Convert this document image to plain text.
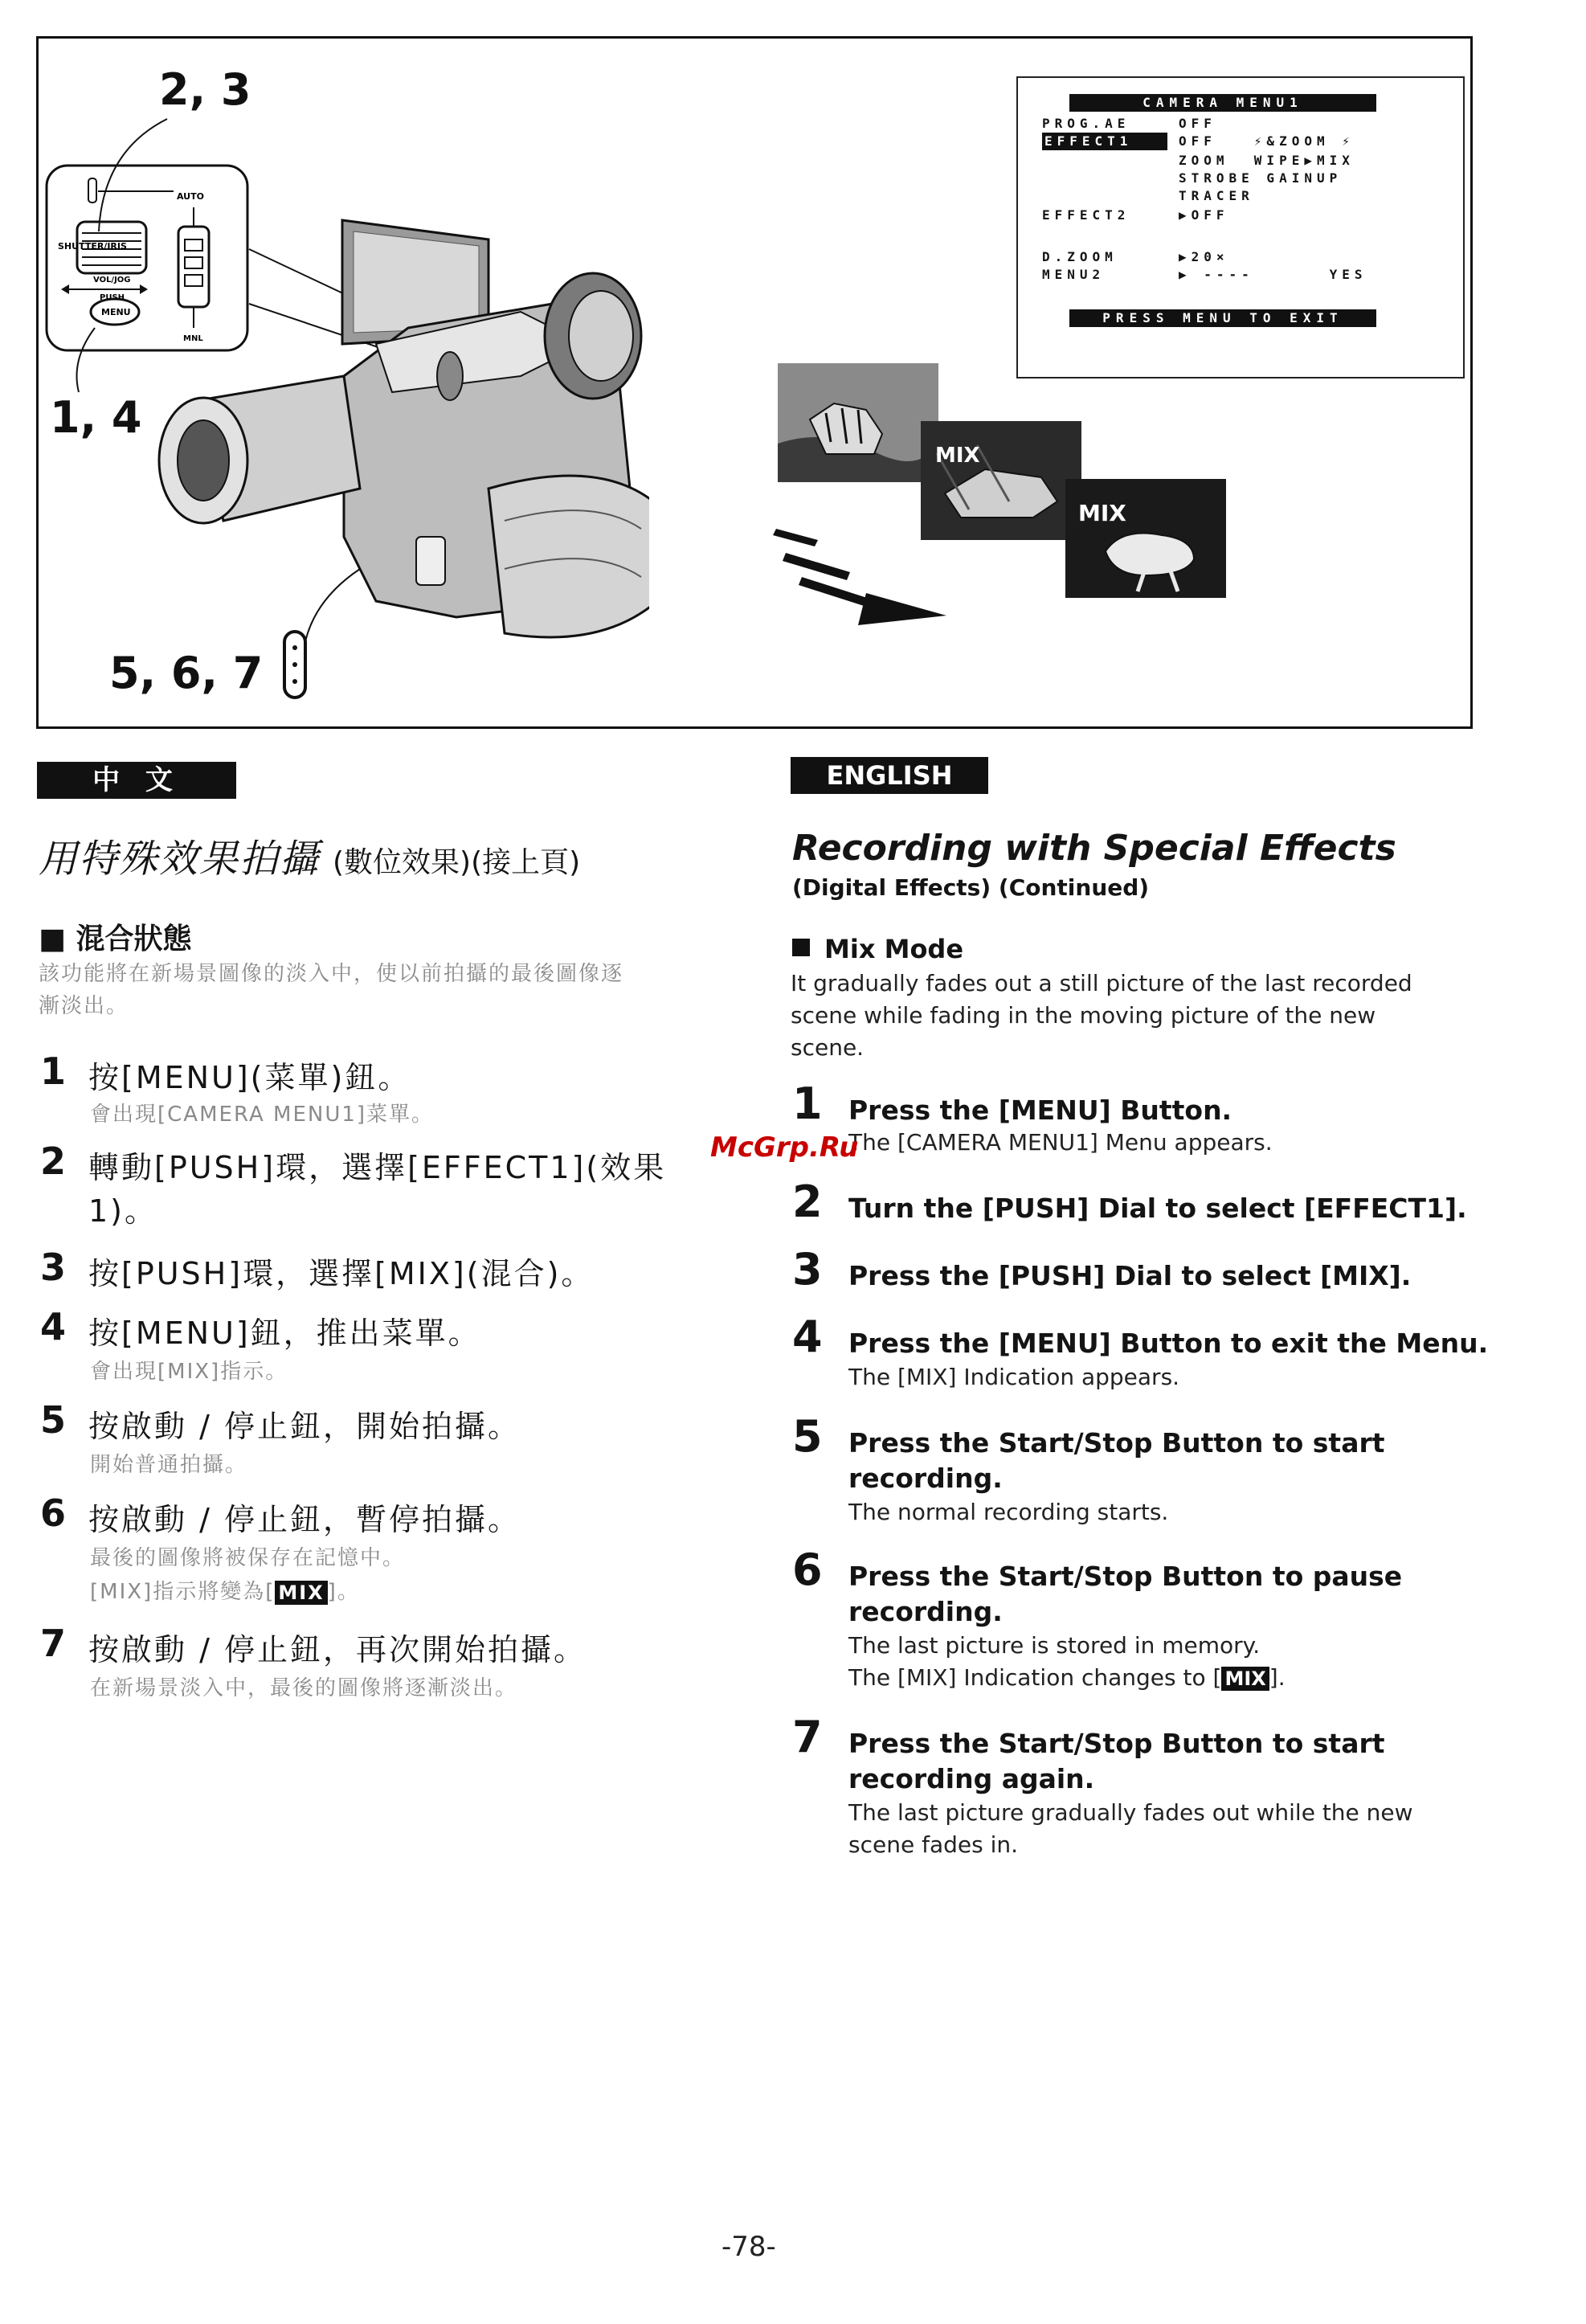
2, 3
1, 4
5, 6, 7
SHUTTER/IRIS
AUTO
VOL/JOG
PUSH
MENU
MNL
MIX
MIX
CAMERA MENU1
PROG.AE	OFF
EFFECT1	OFF   ⚡&ZOOM ⚡
ZOOM  WIPE▶MIX
STROBE GAINUP
TRACER
EFFECT2	▶OFF
D.ZOOM	▶20×
MENU2	▶ ----      YES
PRESS MENU TO EXIT
中 文
用特殊效果拍攝 (數位效果)(接上頁)
■ 混合狀態
該功能將在新場景圖像的淡入中，使以前拍攝的最後圖像逐
漸淡出。
1 按[MENU](菜單)鈕。
會出現[CAMERA MENU1]菜單。
2 轉動[PUSH]環，選擇[EFFECT1](效果
1)。
3 按[PUSH]環，選擇[MIX](混合)。
4 按[MENU]鈕，推出菜單。
會出現[MIX]指示。
5 按啟動 / 停止鈕，開始拍攝。
開始普通拍攝。
6 按啟動 / 停止鈕，暫停拍攝。
最後的圖像將被保存在記憶中。
[MIX]指示將變為[ MIX ]。
7 按啟動 / 停止鈕，再次開始拍攝。
在新場景淡入中，最後的圖像將逐漸淡出。
ENGLISH
Recording with Special Effects
(Digital Effects) (Continued)
Mix Mode
It gradually fades out a still picture of the last recorded
scene while fading in the moving picture of the new
scene.
1 Press the [MENU] Button.
The [CAMERA MENU1] Menu appears.
2 Turn the [PUSH] Dial to select [EFFECT1].
3 Press the [PUSH] Dial to select [MIX].
4 Press the [MENU] Button to exit the Menu.
The [MIX] Indication appears.
5 Press the Start/Stop Button to start
recording.
The normal recording starts.
6 Press the Start/Stop Button to pause
recording.
The last picture is stored in memory.
The [MIX] Indication changes to [ MIX ].
7 Press the Start/Stop Button to start
recording again.
The last picture gradually fades out while the new
scene fades in.
McGrp.Ru
-78-
